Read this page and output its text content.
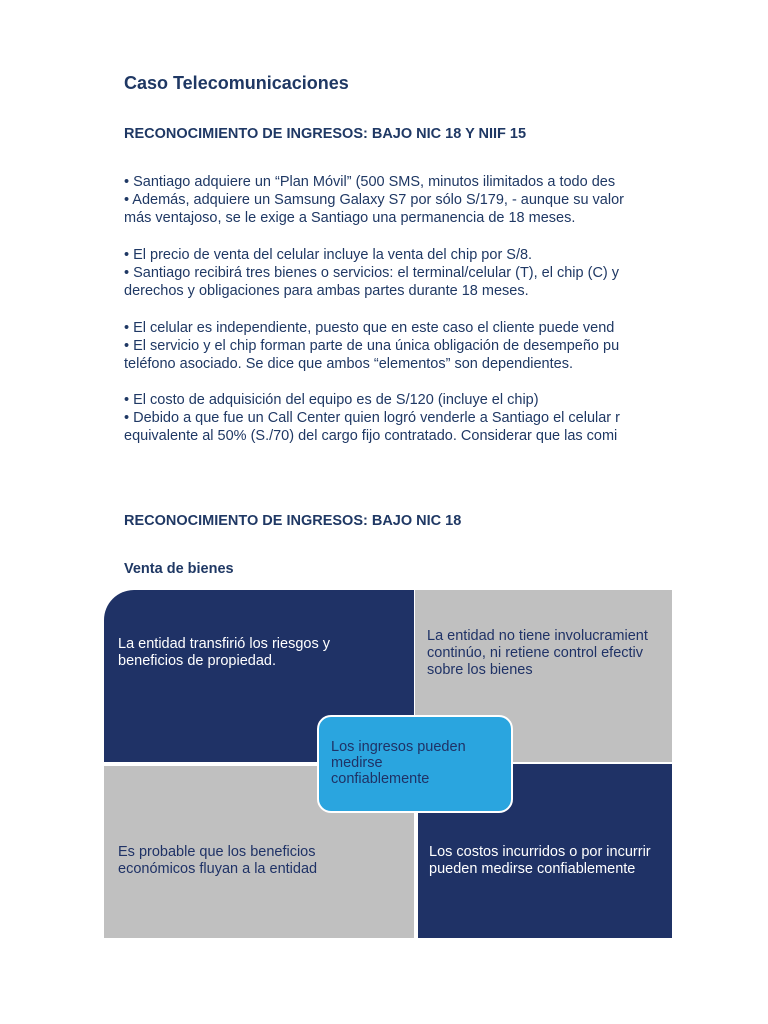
Caso Telecomunicaciones
RECONOCIMIENTO DE INGRESOS: BAJO NIC 18 Y NIIF 15
• Santiago adquiere un “Plan Móvil” (500 SMS, minutos ilimitados a todo des
• Además, adquiere un Samsung Galaxy S7 por sólo S/179, - aunque su valor
más ventajoso, se le exige a Santiago una permanencia de 18 meses.
• El precio de venta del celular incluye la venta del chip por S/8.
• Santiago recibirá tres bienes o servicios: el terminal/celular (T), el chip (C) y
derechos y obligaciones para ambas partes durante 18 meses.
• El celular es independiente, puesto que en este caso el cliente puede vend
• El servicio y el chip forman parte de una única obligación de desempeño pu
teléfono asociado. Se dice que ambos “elementos” son dependientes.
• El costo de adquisición del equipo es de S/120 (incluye el chip)
• Debido a que fue un Call Center quien logró venderle a Santiago el celular r
equivalente al 50% (S./70) del cargo fijo contratado. Considerar que las comi
RECONOCIMIENTO DE INGRESOS: BAJO NIC 18
Venta de bienes
La entidad transfirió los riesgos y
beneficios de propiedad.
La entidad no tiene involucramient
continúo, ni retiene control efectiv
sobre los bienes
Es probable que los beneficios
económicos fluyan a la entidad
Los costos incurridos o por incurrir
pueden medirse confiablemente
Los ingresos pueden
medirse
confiablemente
